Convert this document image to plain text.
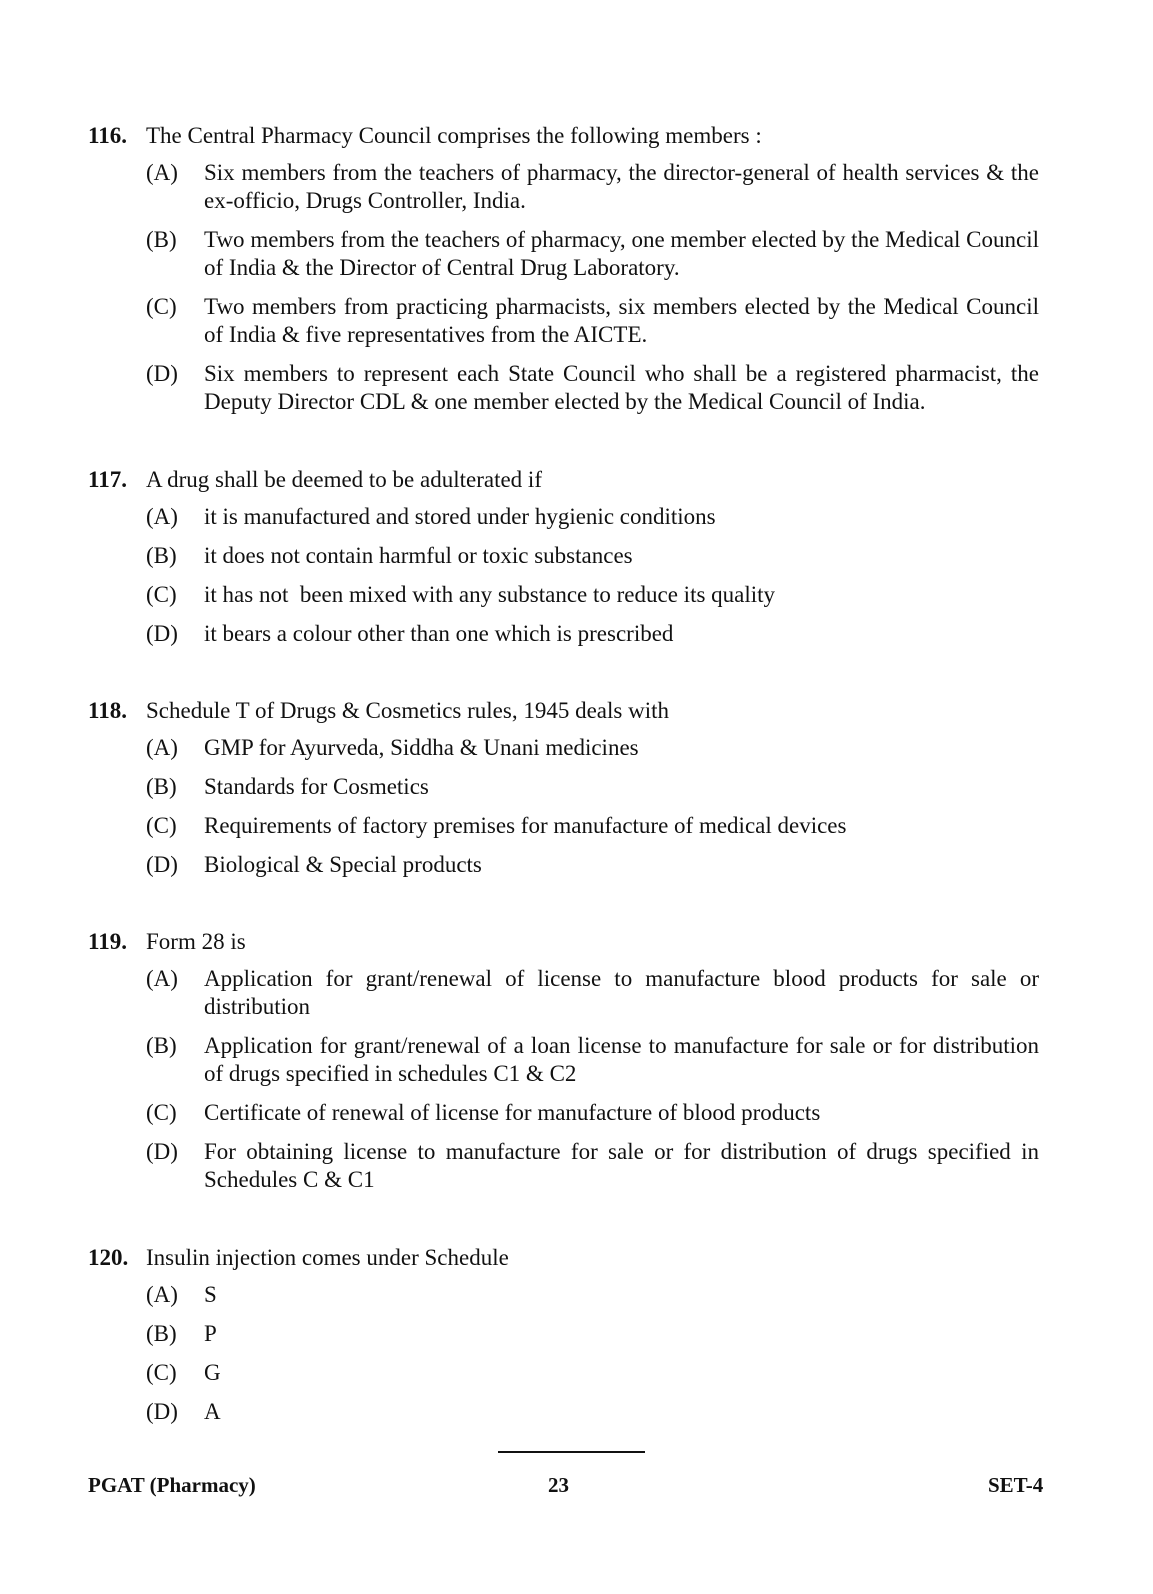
116. The Central Pharmacy Council comprises the following members :
(A) Six members from the teachers of pharmacy, the director-general of health services & the ex-officio, Drugs Controller, India.
(B) Two members from the teachers of pharmacy, one member elected by the Medical Council of India & the Director of Central Drug Laboratory.
(C) Two members from practicing pharmacists, six members elected by the Medical Council of India & five representatives from the AICTE.
(D) Six members to represent each State Council who shall be a registered pharmacist, the Deputy Director CDL & one member elected by the Medical Council of India.
117. A drug shall be deemed to be adulterated if
(A) it is manufactured and stored under hygienic conditions
(B) it does not contain harmful or toxic substances
(C) it has not  been mixed with any substance to reduce its quality
(D) it bears a colour other than one which is prescribed
118. Schedule T of Drugs & Cosmetics rules, 1945 deals with
(A) GMP for Ayurveda, Siddha & Unani medicines
(B) Standards for Cosmetics
(C) Requirements of factory premises for manufacture of medical devices
(D) Biological & Special products
119. Form 28 is
(A) Application for grant/renewal of license to manufacture blood products for sale or distribution
(B) Application for grant/renewal of a loan license to manufacture for sale or for distribution of drugs specified in schedules C1 & C2
(C) Certificate of renewal of license for manufacture of blood products
(D) For obtaining license to manufacture for sale or for distribution of drugs specified in Schedules C & C1
120. Insulin injection comes under Schedule
(A) S
(B) P
(C) G
(D) A
PGAT (Pharmacy)	23	SET-4
